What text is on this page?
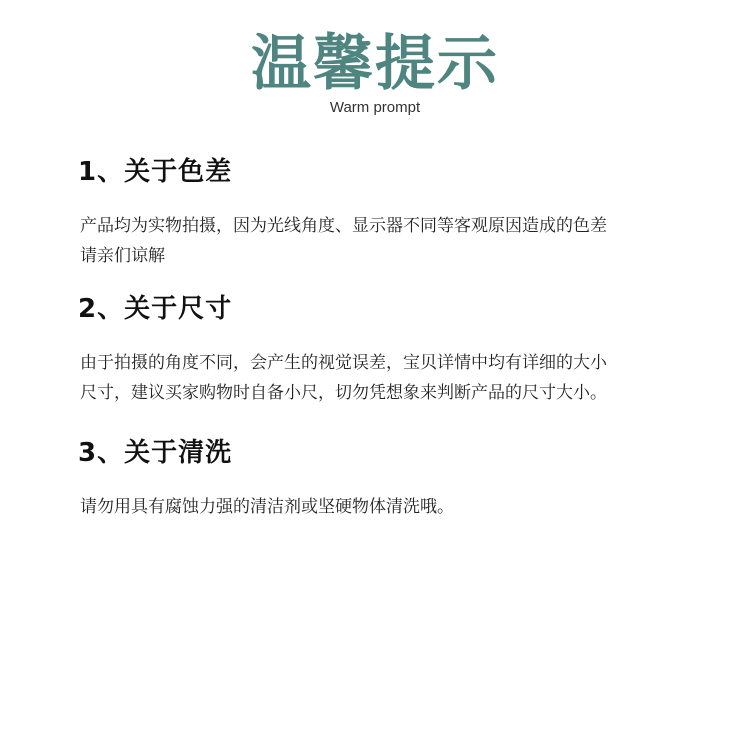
温馨提示
Warm prompt
1、关于色差
产品均为实物拍摄，因为光线角度、显示器不同等客观原因造成的色差
请亲们谅解
2、关于尺寸
由于拍摄的角度不同，会产生的视觉误差，宝贝详情中均有详细的大小
尺寸，建议买家购物时自备小尺，切勿凭想象来判断产品的尺寸大小。
3、关于清洗
请勿用具有腐蚀力强的清洁剂或坚硬物体清洗哦。
